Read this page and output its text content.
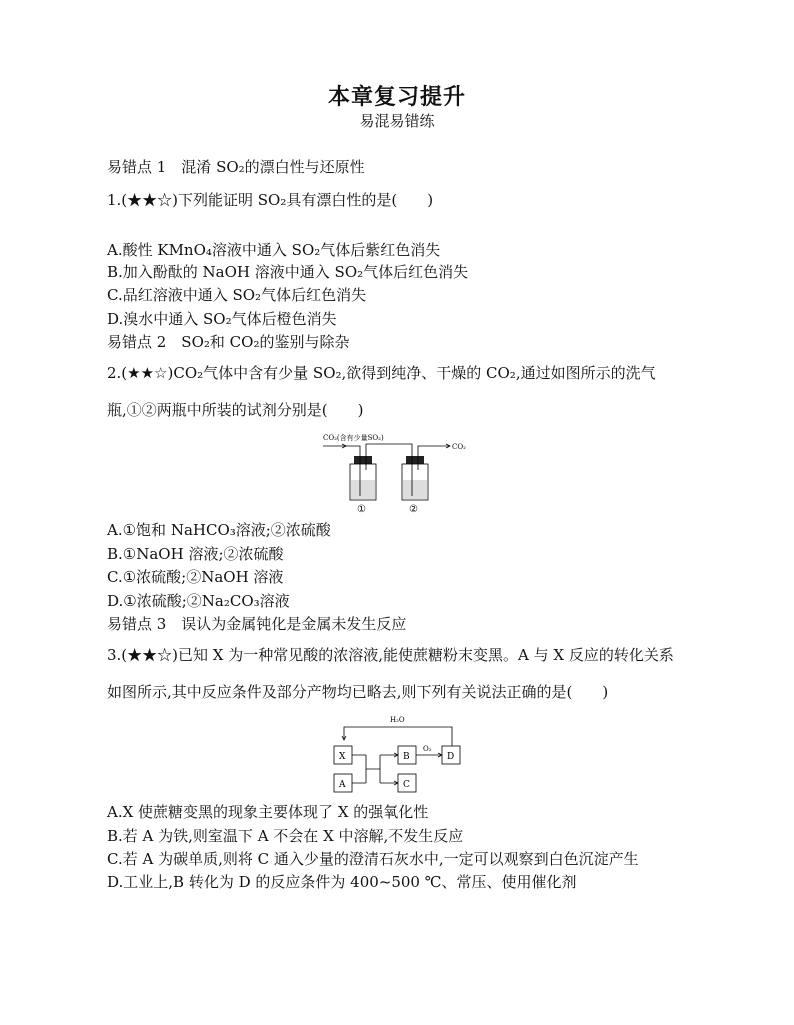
本章复习提升
易混易错练
易错点 1　混淆 SO₂的漂白性与还原性
1.(★★☆)下列能证明 SO₂具有漂白性的是(　　)
A.酸性 KMnO₄溶液中通入 SO₂气体后紫红色消失
B.加入酚酞的 NaOH 溶液中通入 SO₂气体后红色消失
C.品红溶液中通入 SO₂气体后红色消失
D.溴水中通入 SO₂气体后橙色消失
易错点 2　SO₂和 CO₂的鉴别与除杂
2.(★★☆)CO₂气体中含有少量 SO₂,欲得到纯净、干燥的 CO₂,通过如图所示的洗气
瓶,①②两瓶中所装的试剂分别是(　　)
CO₂(含有少量SO₂)
CO₂
①	②
A.①饱和 NaHCO₃溶液;②浓硫酸
B.①NaOH 溶液;②浓硫酸
C.①浓硫酸;②NaOH 溶液
D.①浓硫酸;②Na₂CO₃溶液
易错点 3　误认为金属钝化是金属未发生反应
3.(★★☆)已知 X 为一种常见酸的浓溶液,能使蔗糖粉末变黑。A 与 X 反应的转化关系
如图所示,其中反应条件及部分产物均已略去,则下列有关说法正确的是(　　)
H₂O
X
A
B
C
O₂
D
A.X 使蔗糖变黑的现象主要体现了 X 的强氧化性
B.若 A 为铁,则室温下 A 不会在 X 中溶解,不发生反应
C.若 A 为碳单质,则将 C 通入少量的澄清石灰水中,一定可以观察到白色沉淀产生
D.工业上,B 转化为 D 的反应条件为 400~500 ℃、常压、使用催化剂
